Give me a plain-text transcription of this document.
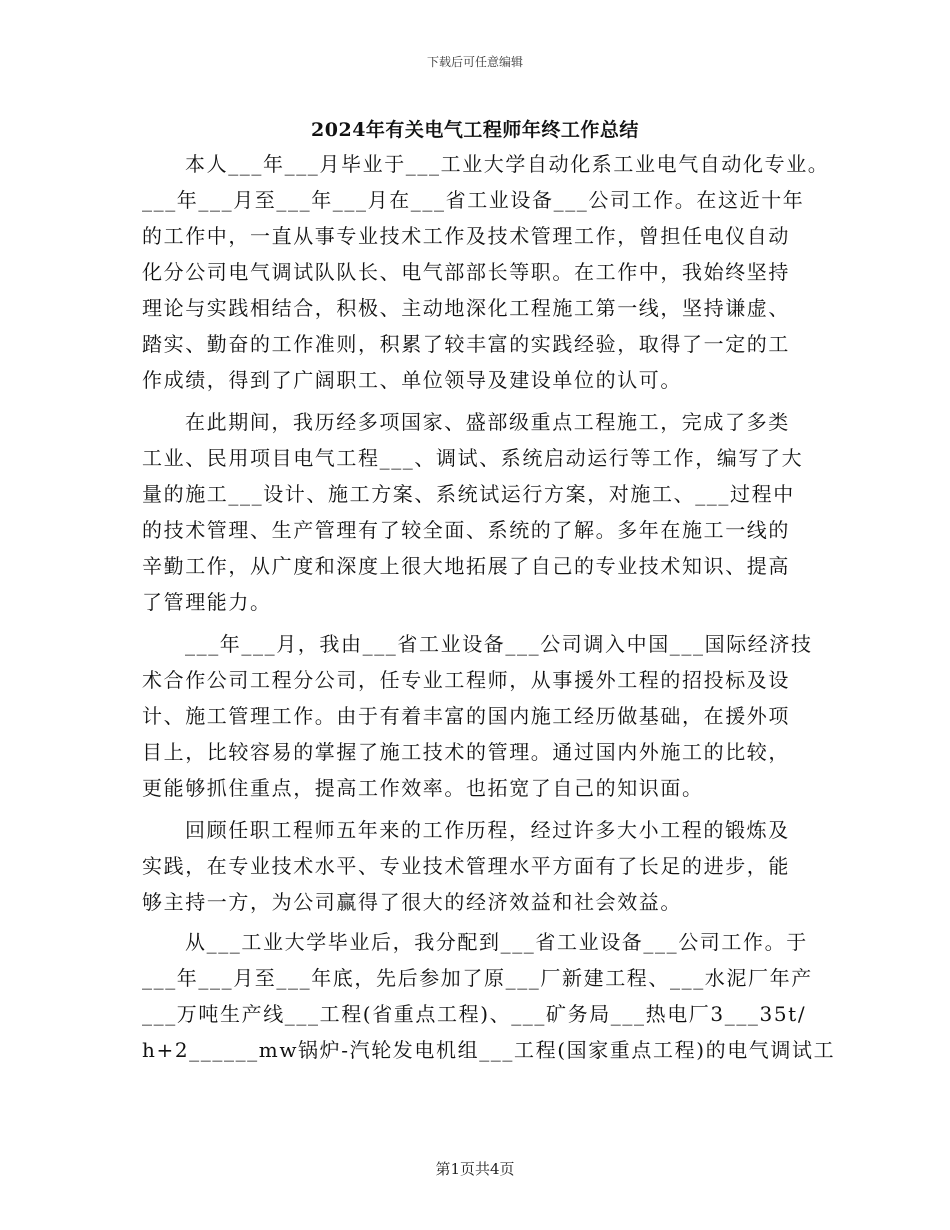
下载后可任意编辑
2024年有关电气工程师年终工作总结
本人___年___月毕业于___工业大学自动化系工业电气自动化专业。
___年___月至___年___月在___省工业设备___公司工作。在这近十年
的工作中，一直从事专业技术工作及技术管理工作，曾担任电仪自动
化分公司电气调试队队长、电气部部长等职。在工作中，我始终坚持
理论与实践相结合，积极、主动地深化工程施工第一线，坚持谦虚、
踏实、勤奋的工作准则，积累了较丰富的实践经验，取得了一定的工
作成绩，得到了广阔职工、单位领导及建设单位的认可。
在此期间，我历经多项国家、盛部级重点工程施工，完成了多类
工业、民用项目电气工程___、调试、系统启动运行等工作，编写了大
量的施工___设计、施工方案、系统试运行方案，对施工、___过程中
的技术管理、生产管理有了较全面、系统的了解。多年在施工一线的
辛勤工作，从广度和深度上很大地拓展了自己的专业技术知识、提高
了管理能力。
___年___月，我由___省工业设备___公司调入中国___国际经济技
术合作公司工程分公司，任专业工程师，从事援外工程的招投标及设
计、施工管理工作。由于有着丰富的国内施工经历做基础，在援外项
目上，比较容易的掌握了施工技术的管理。通过国内外施工的比较，
更能够抓住重点，提高工作效率。也拓宽了自己的知识面。
回顾任职工程师五年来的工作历程，经过许多大小工程的锻炼及
实践，在专业技术水平、专业技术管理水平方面有了长足的进步，能
够主持一方，为公司赢得了很大的经济效益和社会效益。
从___工业大学毕业后，我分配到___省工业设备___公司工作。于
___年___月至___年底，先后参加了原___厂新建工程、___水泥厂年产
___万吨生产线___工程(省重点工程)、___矿务局___热电厂3___35t/
h+2______mw锅炉-汽轮发电机组___工程(国家重点工程)的电气调试工
第1页共4页
